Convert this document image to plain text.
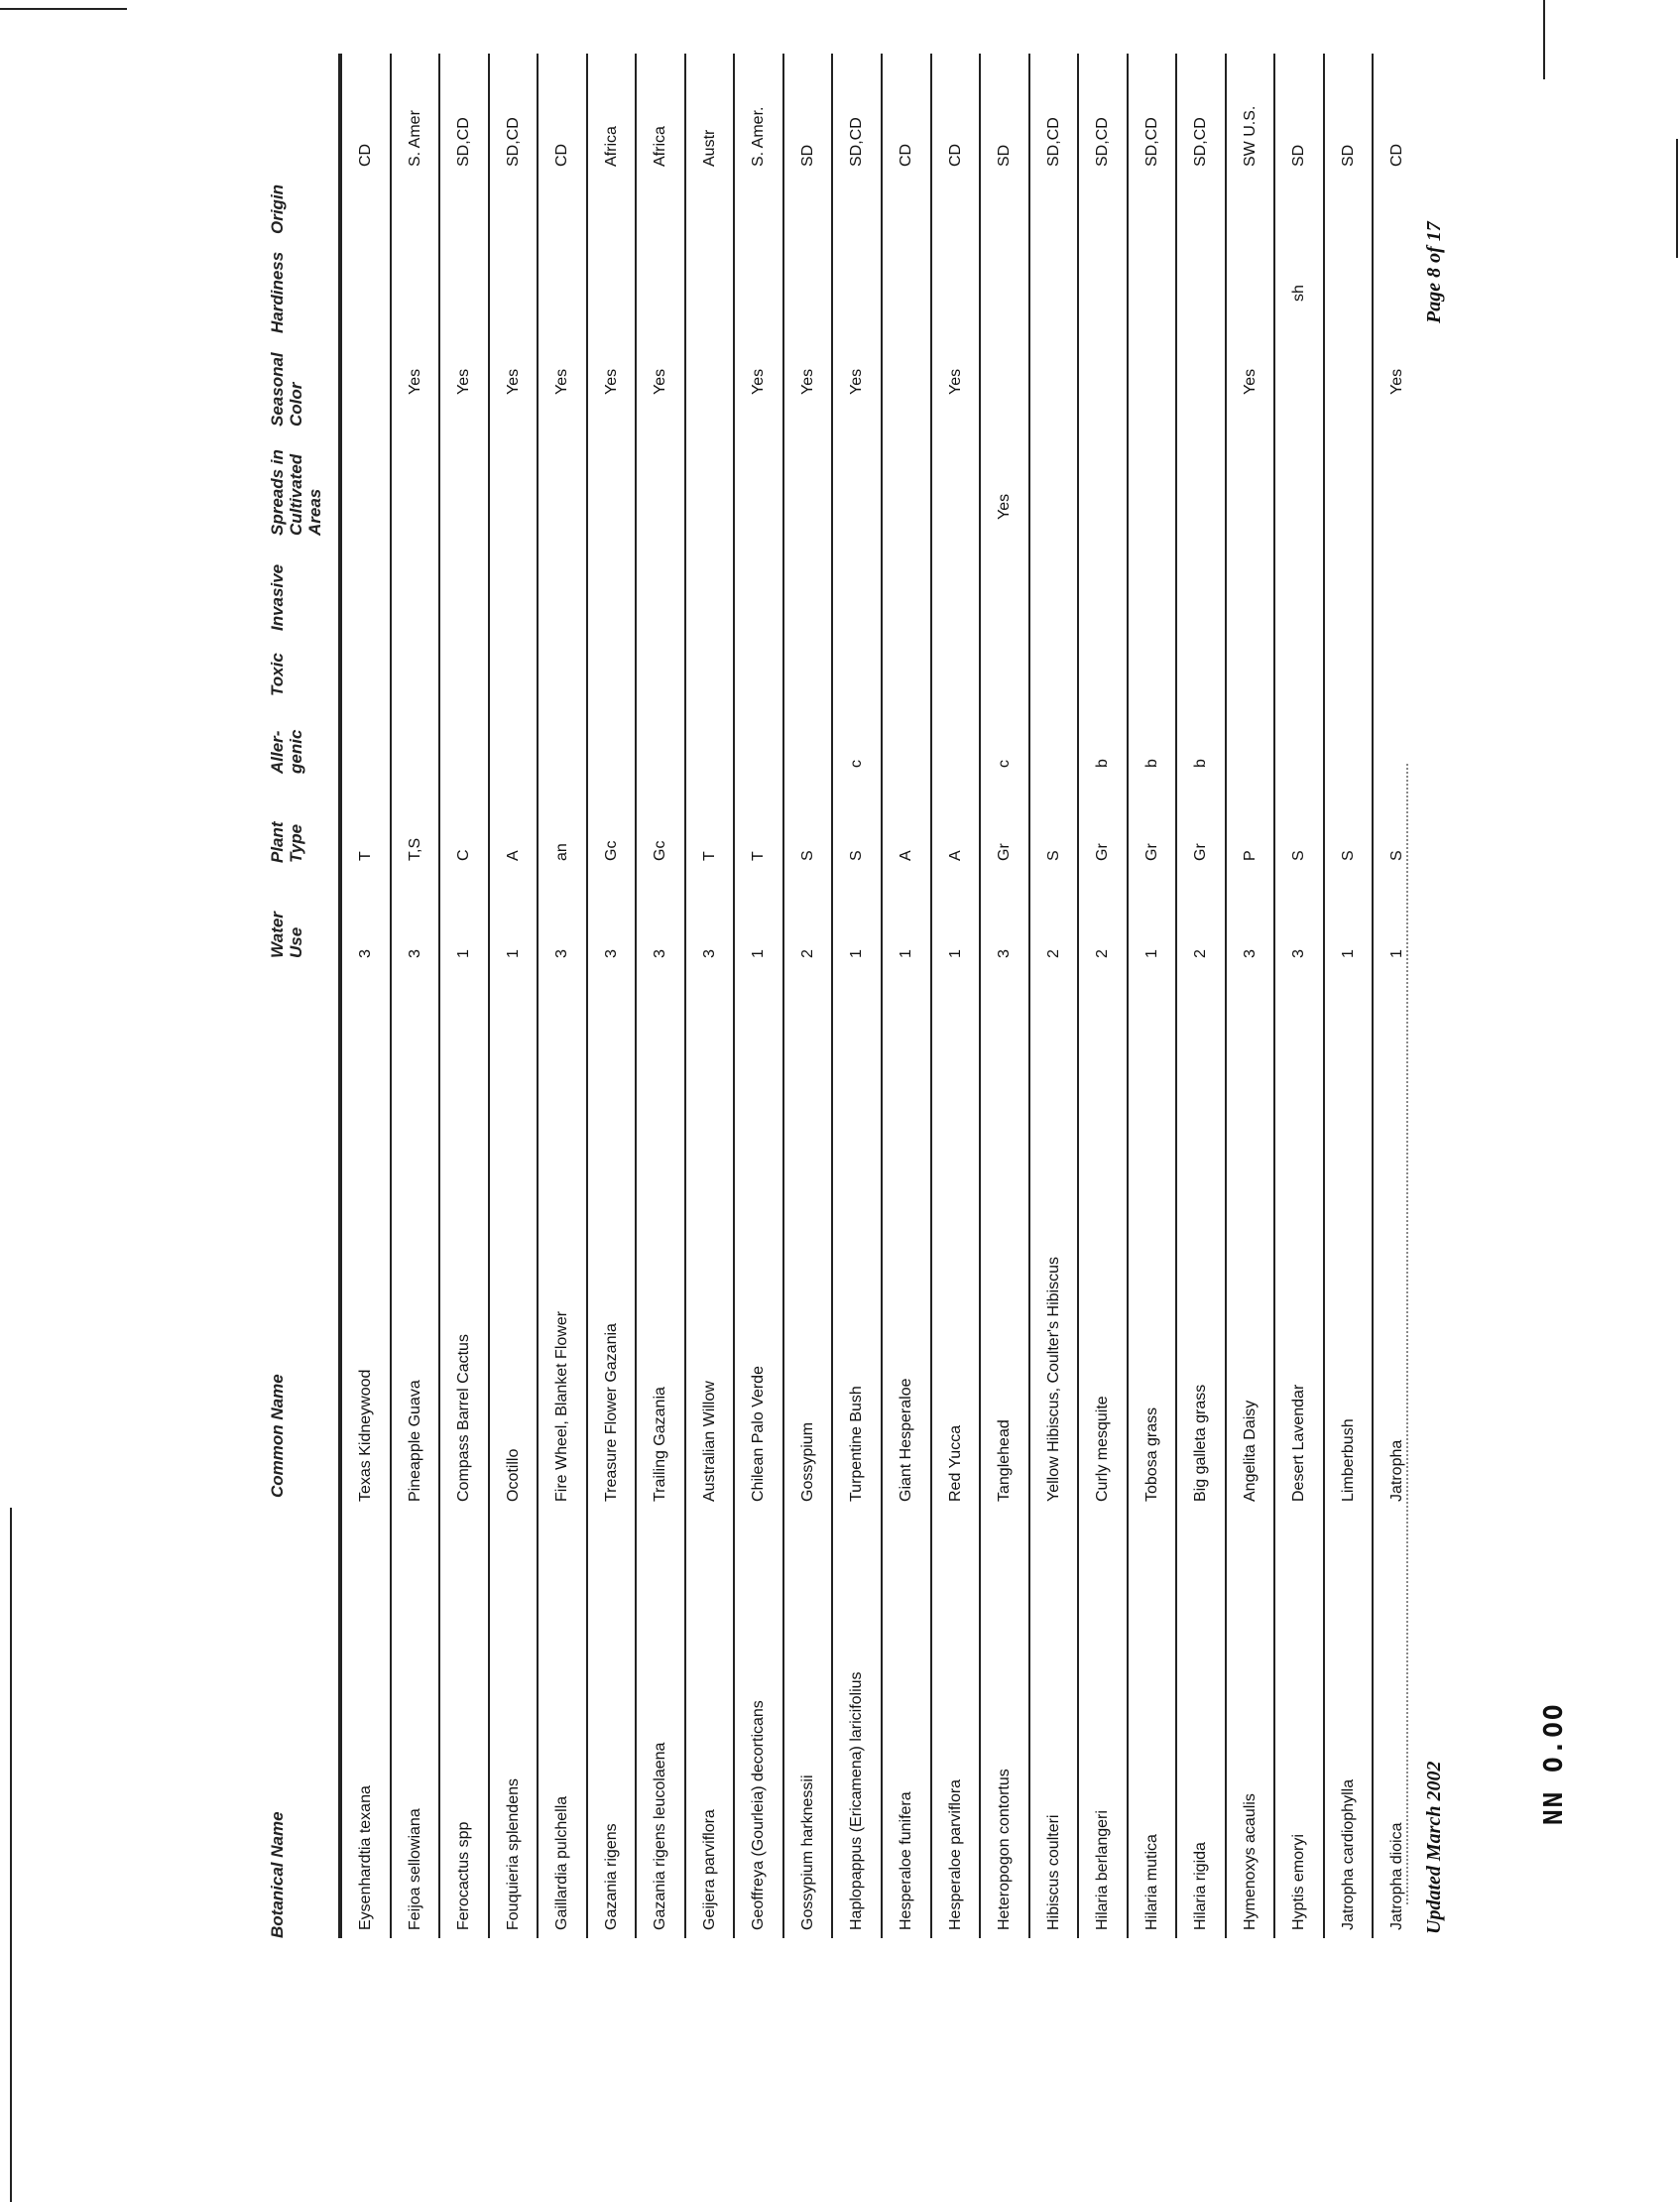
Botanical Name
Common Name
Water Use
Plant Type
Aller- genic
Toxic
Invasive
Spreads in Cultivated Areas
Seasonal Color
Hardiness
Origin
Eysenhardtia texana
Texas Kidneywood
3
T
CD
Feijoa sellowiana
Pineapple Guava
3
T,S
Yes
S. Amer
Ferocactus spp
Compass Barrel Cactus
1
C
Yes
SD,CD
Fouquieria splendens
Ocotillo
1
A
Yes
SD,CD
Gaillardia pulchella
Fire Wheel, Blanket Flower
3
an
Yes
CD
Gazania rigens
Treasure Flower Gazania
3
Gc
Yes
Africa
Gazania rigens leucolaena
Trailing Gazania
3
Gc
Yes
Africa
Geijera parviflora
Australian Willow
3
T
Austr
Geoffreya (Gourleia) decorticans
Chilean Palo Verde
1
T
Yes
S. Amer.
Gossypium harknessii
Gossypium
2
S
Yes
SD
Haplopappus (Ericamena) laricifolius
Turpentine Bush
1
S
c
Yes
SD,CD
Hesperaloe funifera
Giant Hesperaloe
1
A
CD
Hesperaloe parviflora
Red Yucca
1
A
Yes
CD
Heteropogon contortus
Tanglehead
3
Gr
c
Yes
SD
Hibiscus coulteri
Yellow Hibiscus, Coulter's Hibiscus
2
S
SD,CD
Hilaria berlangeri
Curly mesquite
2
Gr
b
SD,CD
Hilaria mutica
Tobosa grass
1
Gr
b
SD,CD
Hilaria rigida
Big galleta grass
2
Gr
b
SD,CD
Hymenoxys acaulis
Angelita Daisy
3
P
Yes
SW U.S.
Hyptis emoryi
Desert Lavendar
3
S
sh
SD
Jatropha cardiophylla
Limberbush
1
S
SD
Jatropha dioica
Jatropha
1
S
Yes
CD
Updated March 2002
Page 8 of 17
NN O.OO
